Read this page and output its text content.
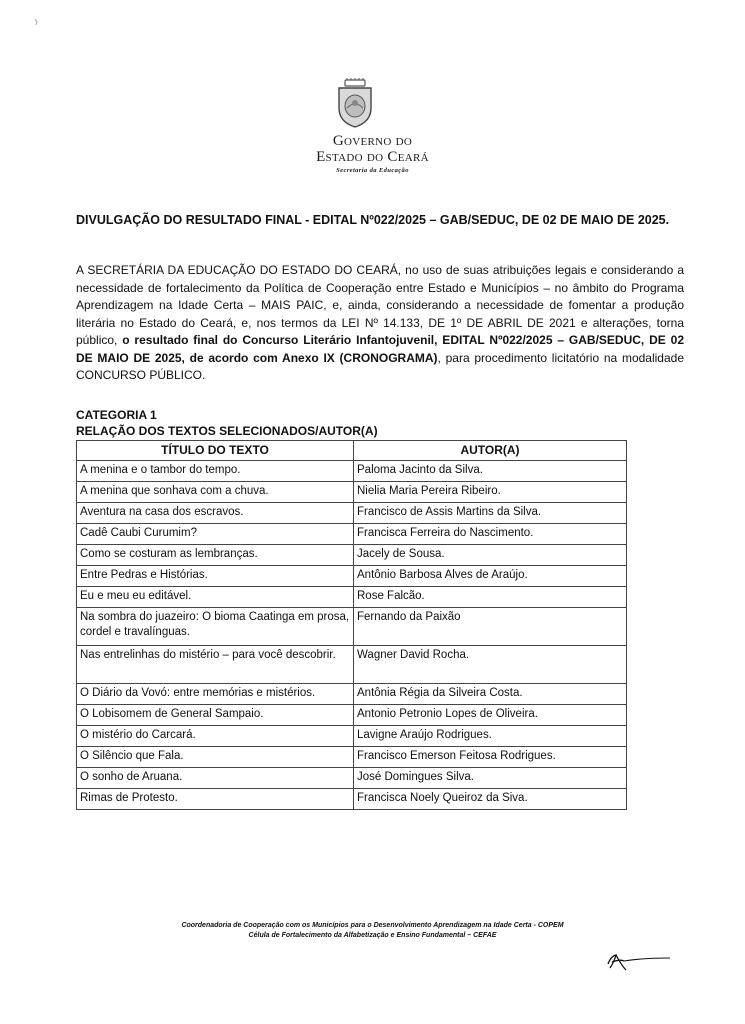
Governo do
Estado do Ceará
Secretaria da Educação
DIVULGAÇÃO DO RESULTADO FINAL - EDITAL Nº022/2025 – GAB/SEDUC, DE 02 DE MAIO DE 2025.
A SECRETÁRIA DA EDUCAÇÃO DO ESTADO DO CEARÁ, no uso de suas atribuições legais e considerando a necessidade de fortalecimento da Política de Cooperação entre Estado e Municípios – no âmbito do Programa Aprendizagem na Idade Certa – MAIS PAIC, e, ainda, considerando a necessidade de fomentar a produção literária no Estado do Ceará, e, nos termos da LEI Nº 14.133, DE 1º DE ABRIL DE 2021 e alterações, torna público, o resultado final do Concurso Literário Infantojuvenil, EDITAL Nº022/2025 – GAB/SEDUC, DE 02 DE MAIO DE 2025, de acordo com Anexo IX (CRONOGRAMA), para procedimento licitatório na modalidade CONCURSO PÚBLICO.
CATEGORIA 1
RELAÇÃO DOS TEXTOS SELECIONADOS/AUTOR(A)
TÍTULO DO TEXTO	AUTOR(A)
A menina e o tambor do tempo.	Paloma Jacinto da Silva.
A menina que sonhava com a chuva.	Nielia Maria Pereira Ribeiro.
Aventura na casa dos escravos.	Francisco de Assis Martins da Silva.
Cadê Caubi Curumim?	Francisca Ferreira do Nascimento.
Como se costuram as lembranças.	Jacely de Sousa.
Entre Pedras e Histórias.	Antônio Barbosa Alves de Araújo.
Eu e meu eu editável.	Rose Falcão.
Na sombra do juazeiro: O bioma Caatinga em prosa, cordel e travalínguas.	Fernando da Paixão
Nas entrelinhas do mistério – para você descobrir.	Wagner David Rocha.
O Diário da Vovó: entre memórias e mistérios.	Antônia Régia da Silveira Costa.
O Lobisomem de General Sampaio.	Antonio Petronio Lopes de Oliveira.
O mistério do Carcará.	Lavigne Araújo Rodrigues.
O Silêncio que Fala.	Francisco Emerson Feitosa Rodrigues.
O sonho de Aruana.	José Domingues Silva.
Rimas de Protesto.	Francisca Noely Queiroz da Siva.
Coordenadoria de Cooperação com os Municípios para o Desenvolvimento Aprendizagem na Idade Certa - COPEM
Célula de Fortalecimento da Alfabetização e Ensino Fundamental – CEFAE
